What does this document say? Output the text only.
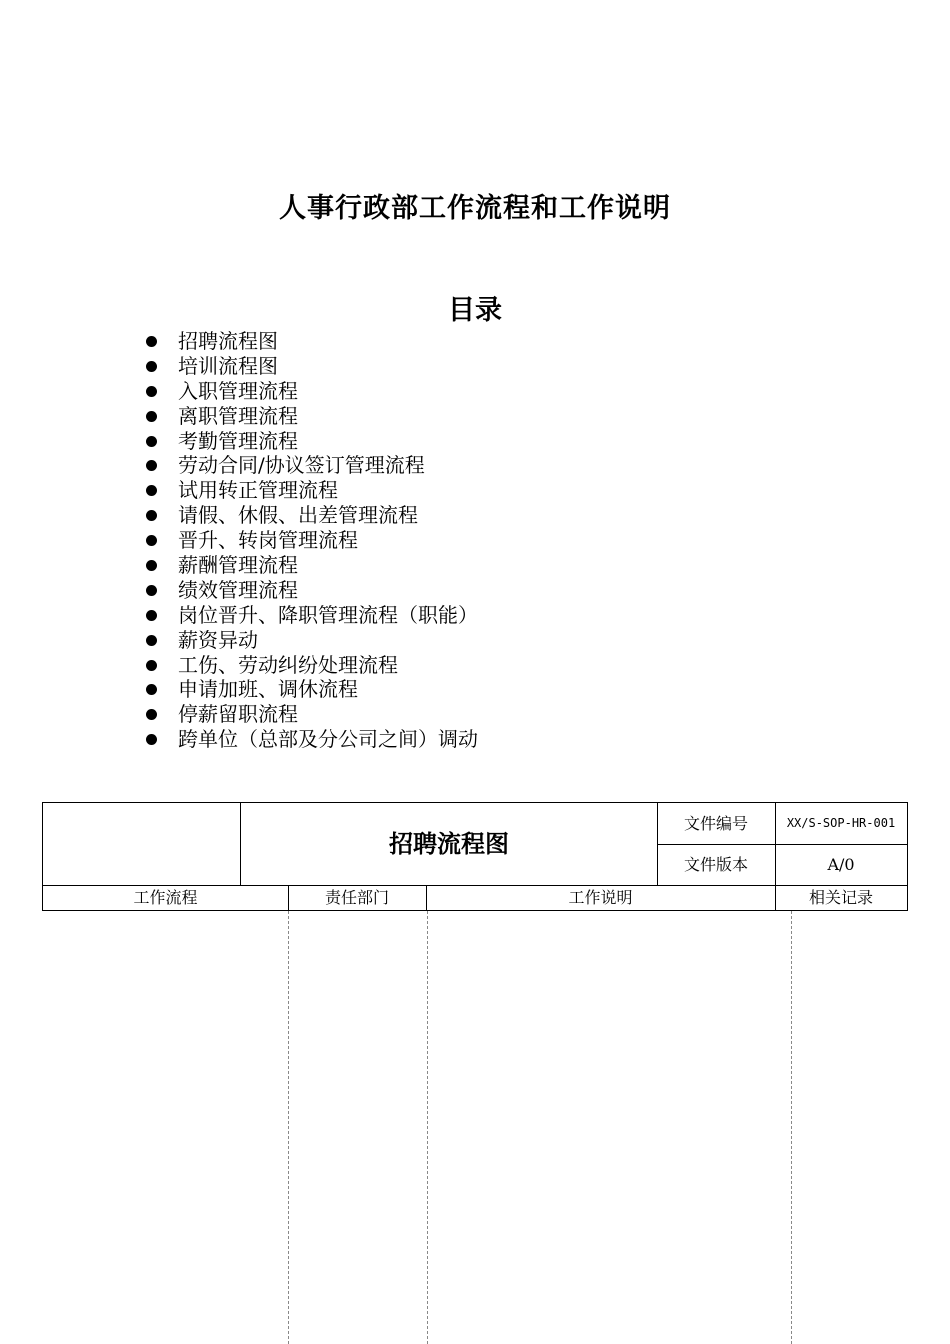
人事行政部工作流程和工作说明
目录
招聘流程图
培训流程图
入职管理流程
离职管理流程
考勤管理流程
劳动合同/协议签订管理流程
试用转正管理流程
请假、休假、出差管理流程
晋升、转岗管理流程
薪酬管理流程
绩效管理流程
岗位晋升、降职管理流程（职能）
薪资异动
工伤、劳动纠纷处理流程
申请加班、调休流程
停薪留职流程
跨单位（总部及分公司之间）调动
招聘流程图
文件编号	XX/S-SOP-HR-001
文件版本	A/0
工作流程	责任部门	工作说明	相关记录
